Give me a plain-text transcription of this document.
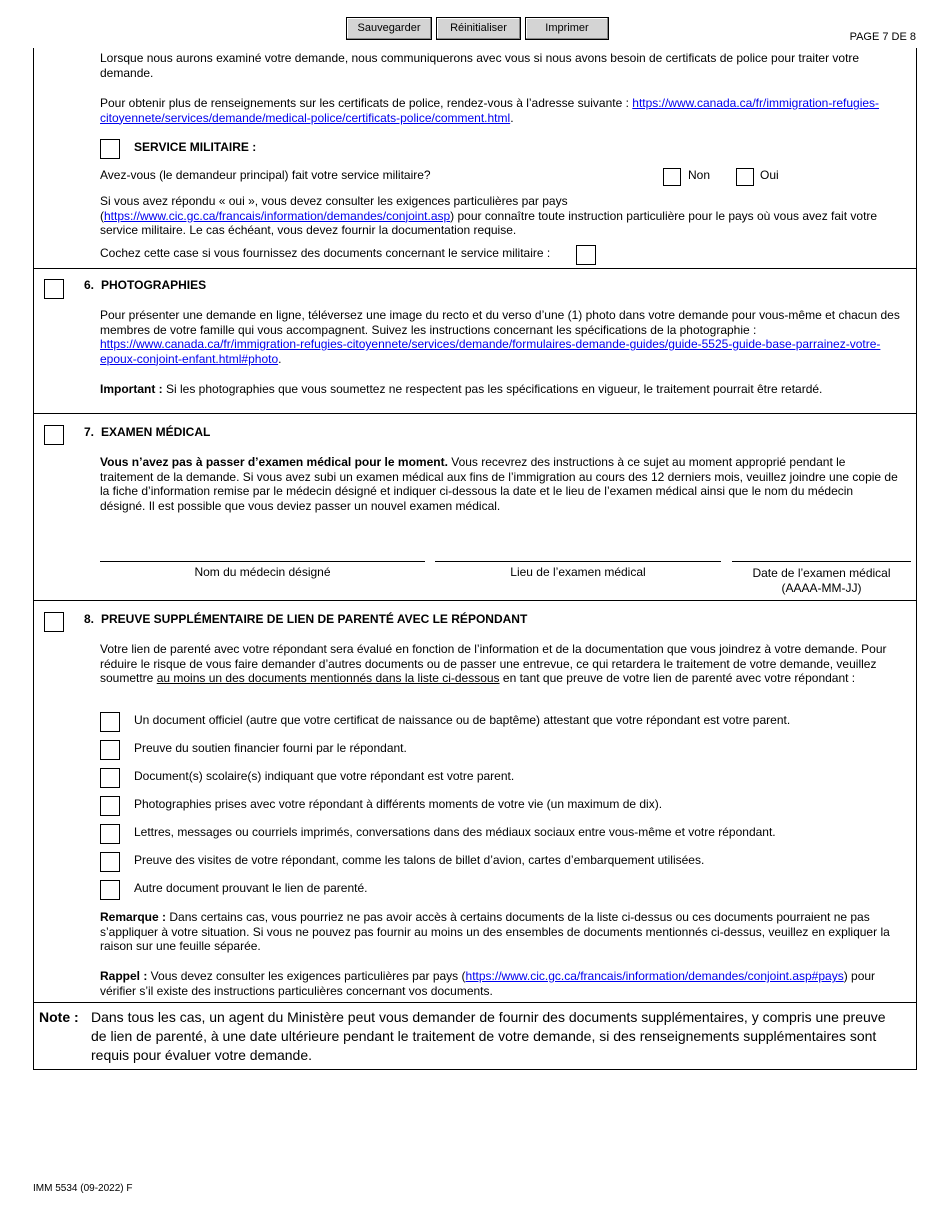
Sauvegarder	Réinitialiser	Imprimer
PAGE 7 DE 8
Lorsque nous aurons examiné votre demande, nous communiquerons avec vous si nous avons besoin de certificats de police pour traiter votre demande.
Pour obtenir plus de renseignements sur les certificats de police, rendez-vous à l’adresse suivante : https://www.canada.ca/fr/immigration-refugies-citoyennete/services/demande/medical-police/certificats-police/comment.html.
SERVICE MILITAIRE :
Avez-vous (le demandeur principal) fait votre service militaire?	Non	Oui
Si vous avez répondu « oui », vous devez consulter les exigences particulières par pays (https://www.cic.gc.ca/francais/information/demandes/conjoint.asp) pour connaître toute instruction particulière pour le pays où vous avez fait votre service militaire. Le cas échéant, vous devez fournir la documentation requise.
Cochez cette case si vous fournissez des documents concernant le service militaire :
6. PHOTOGRAPHIES
Pour présenter une demande en ligne, téléversez une image du recto et du verso d’une (1) photo dans votre demande pour vous-même et chacun des membres de votre famille qui vous accompagnent. Suivez les instructions concernant les spécifications de la photographie : https://www.canada.ca/fr/immigration-refugies-citoyennete/services/demande/formulaires-demande-guides/guide-5525-guide-base-parrainez-votre-epoux-conjoint-enfant.html#photo.
Important : Si les photographies que vous soumettez ne respectent pas les spécifications en vigueur, le traitement pourrait être retardé.
7. EXAMEN MÉDICAL
Vous n’avez pas à passer d’examen médical pour le moment. Vous recevrez des instructions à ce sujet au moment approprié pendant le traitement de la demande. Si vous avez subi un examen médical aux fins de l’immigration au cours des 12 derniers mois, veuillez joindre une copie de la fiche d’information remise par le médecin désigné et indiquer ci-dessous la date et le lieu de l’examen médical ainsi que le nom du médecin désigné. Il est possible que vous deviez passer un nouvel examen médical.
Nom du médecin désigné	Lieu de l’examen médical	Date de l’examen médical
(AAAA-MM-JJ)
8. PREUVE SUPPLÉMENTAIRE DE LIEN DE PARENTÉ AVEC LE RÉPONDANT
Votre lien de parenté avec votre répondant sera évalué en fonction de l’information et de la documentation que vous joindrez à votre demande. Pour réduire le risque de vous faire demander d’autres documents ou de passer une entrevue, ce qui retardera le traitement de votre demande, veuillez soumettre au moins un des documents mentionnés dans la liste ci-dessous en tant que preuve de votre lien de parenté avec votre répondant :
Un document officiel (autre que votre certificat de naissance ou de baptême) attestant que votre répondant est votre parent.
Preuve du soutien financier fourni par le répondant.
Document(s) scolaire(s) indiquant que votre répondant est votre parent.
Photographies prises avec votre répondant à différents moments de votre vie (un maximum de dix).
Lettres, messages ou courriels imprimés, conversations dans des médiaux sociaux entre vous-même et votre répondant.
Preuve des visites de votre répondant, comme les talons de billet d’avion, cartes d’embarquement utilisées.
Autre document prouvant le lien de parenté.
Remarque : Dans certains cas, vous pourriez ne pas avoir accès à certains documents de la liste ci-dessus ou ces documents pourraient ne pas s’appliquer à votre situation. Si vous ne pouvez pas fournir au moins un des ensembles de documents mentionnés ci-dessus, veuillez en expliquer la raison sur une feuille séparée.
Rappel : Vous devez consulter les exigences particulières par pays (https://www.cic.gc.ca/francais/information/demandes/conjoint.asp#pays) pour vérifier s’il existe des instructions particulières concernant vos documents.
Note : Dans tous les cas, un agent du Ministère peut vous demander de fournir des documents supplémentaires, y compris une preuve de lien de parenté, à une date ultérieure pendant le traitement de votre demande, si des renseignements supplémentaires sont requis pour évaluer votre demande.
IMM 5534 (09-2022) F
